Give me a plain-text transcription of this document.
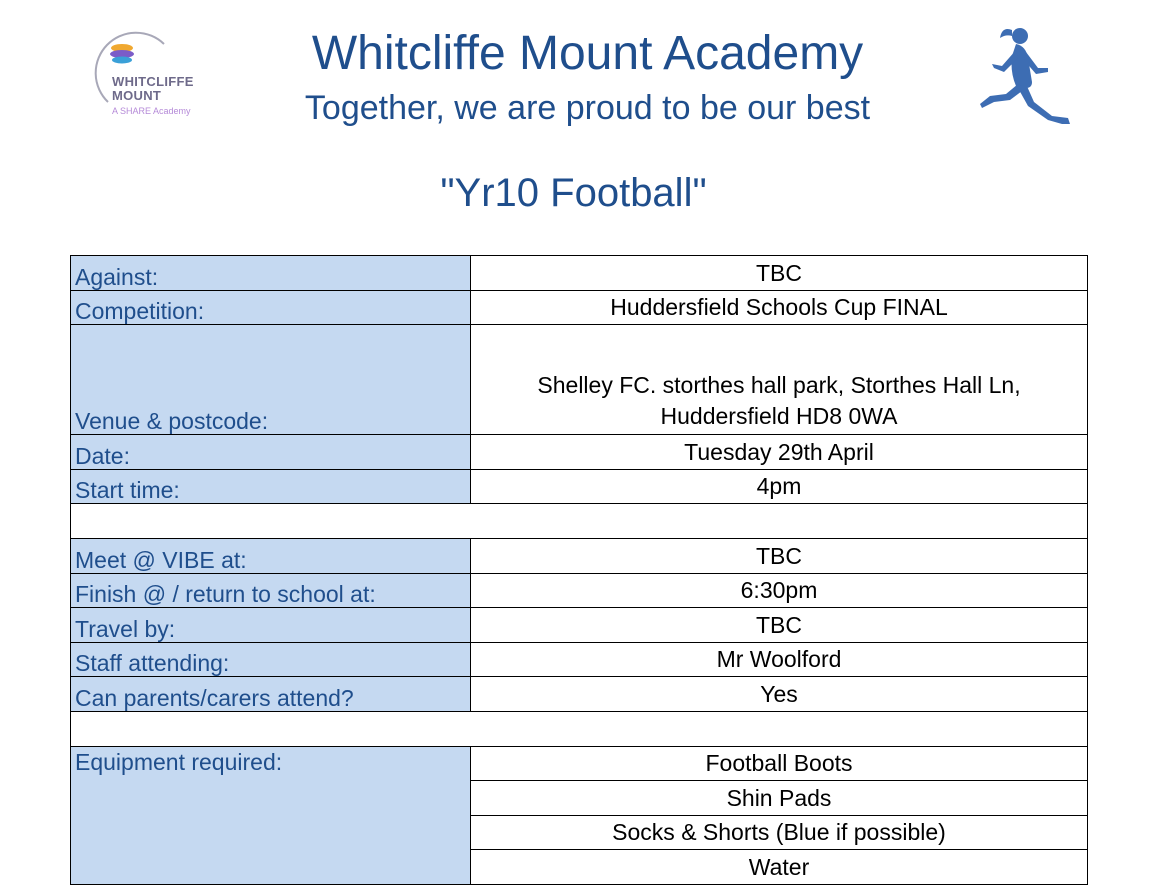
WHITCLIFFE
MOUNT
A SHARE Academy
Whitcliffe Mount Academy
Together, we are proud to be our best
"Yr10 Football"
Against:	TBC
Competition:	Huddersfield Schools Cup FINAL
Venue & postcode:	Shelley FC. storthes hall park, Storthes Hall Ln,
Huddersfield HD8 0WA

Date:	Tuesday 29th April
Start time:	4pm

Meet @ VIBE at:	TBC
Finish @ / return to school at:	6:30pm
Travel by:	TBC
Staff attending:	Mr Woolford
Can parents/carers attend?	Yes

Equipment required:	Football Boots
	Shin Pads
	Socks & Shorts (Blue if possible)
	Water
